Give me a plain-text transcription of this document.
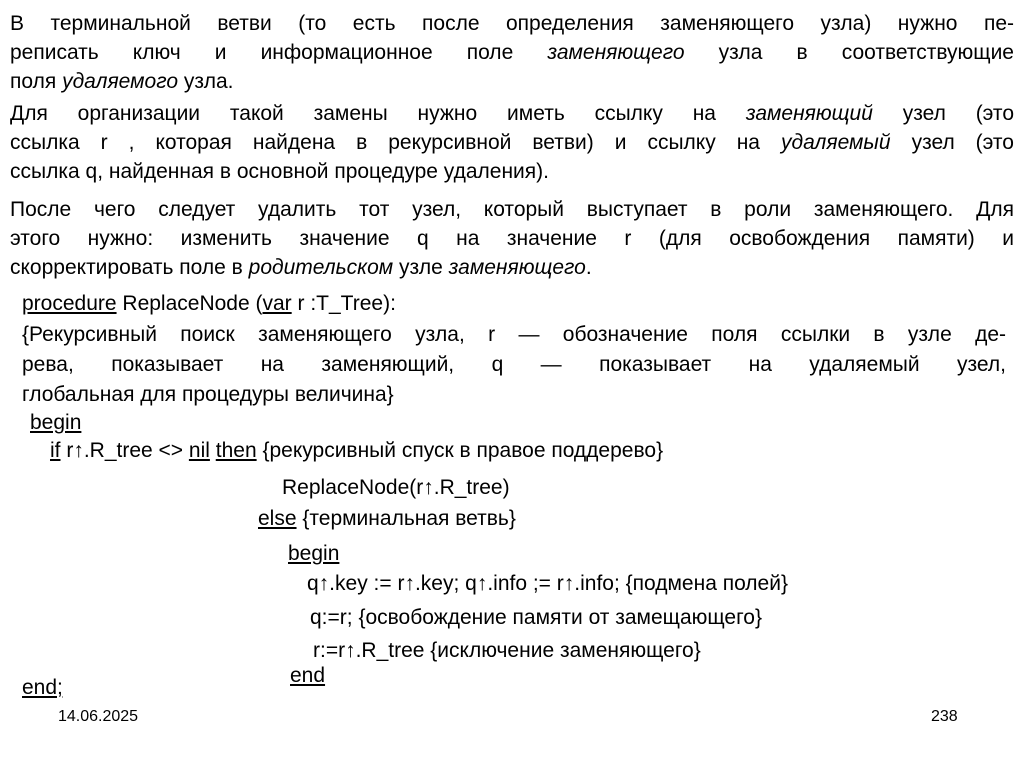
В терминальной ветви (то есть после определения заменяющего узла) нужно пе-
реписать ключ и информационное поле заменяющего узла в соответствующие
поля удаляемого узла.
Для организации такой замены нужно иметь ссылку на заменяющий узел (это
ссылка r , которая найдена в рекурсивной ветви) и ссылку на удаляемый узел (это
ссылка q, найденная в основной процедуре удаления).
После чего следует удалить тот узел, который выступает в роли заменяющего. Для
этого нужно: изменить значение q на значение r (для освобождения памяти) и
скорректировать поле в родительском узле заменяющего.
procedure ReplaceNode (var r :T_Tree):
{Рекурсивный поиск заменяющего узла, r — обозначение поля ссылки в узле де-
рева, показывает на заменяющий, q — показывает на удаляемый узел,
глобальная для процедуры величина}
begin
if r↑.R_tree <> nil then {рекурсивный спуск в правое поддерево}
ReplaceNode(r↑.R_tree)
else {терминальная ветвь}
begin
q↑.key := r↑.key; q↑.info ;= r↑.info; {подмена полей}
q:=r; {освобождение памяти от замещающего}
r:=r↑.R_tree {исключение заменяющего}
end
end;
14.06.2025	238
